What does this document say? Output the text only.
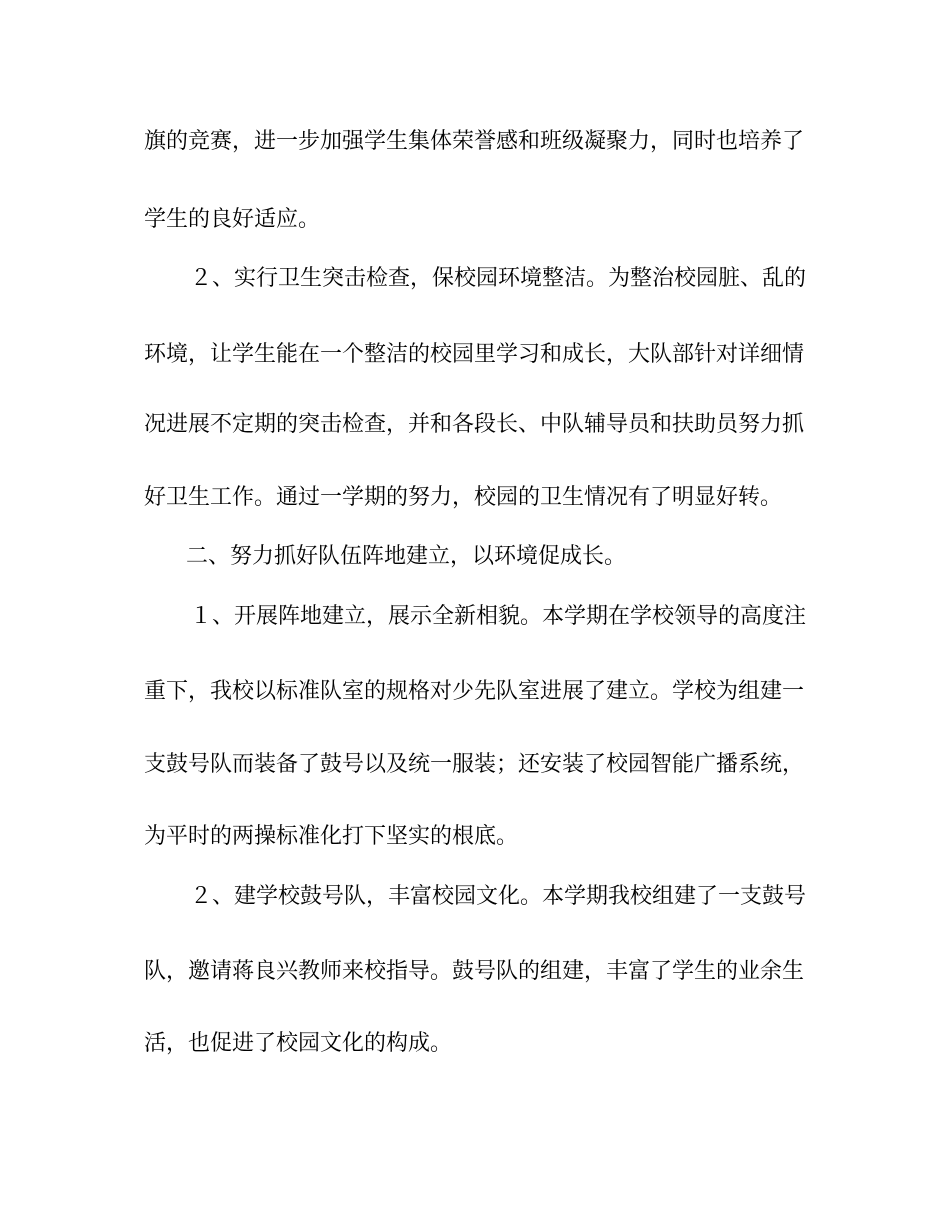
旗的竞赛，进一步加强学生集体荣誉感和班级凝聚力，同时也培养了
学生的良好适应。
２、实行卫生突击检查，保校园环境整洁。为整治校园脏、乱的
环境，让学生能在一个整洁的校园里学习和成长，大队部针对详细情
况进展不定期的突击检查，并和各段长、中队辅导员和扶助员努力抓
好卫生工作。通过一学期的努力，校园的卫生情况有了明显好转。
二、努力抓好队伍阵地建立，以环境促成长。
１、开展阵地建立，展示全新相貌。本学期在学校领导的高度注
重下，我校以标准队室的规格对少先队室进展了建立。学校为组建一
支鼓号队而装备了鼓号以及统一服装；还安装了校园智能广播系统，
为平时的两操标准化打下坚实的根底。
２、建学校鼓号队，丰富校园文化。本学期我校组建了一支鼓号
队，邀请蒋良兴教师来校指导。鼓号队的组建，丰富了学生的业余生
活，也促进了校园文化的构成。
